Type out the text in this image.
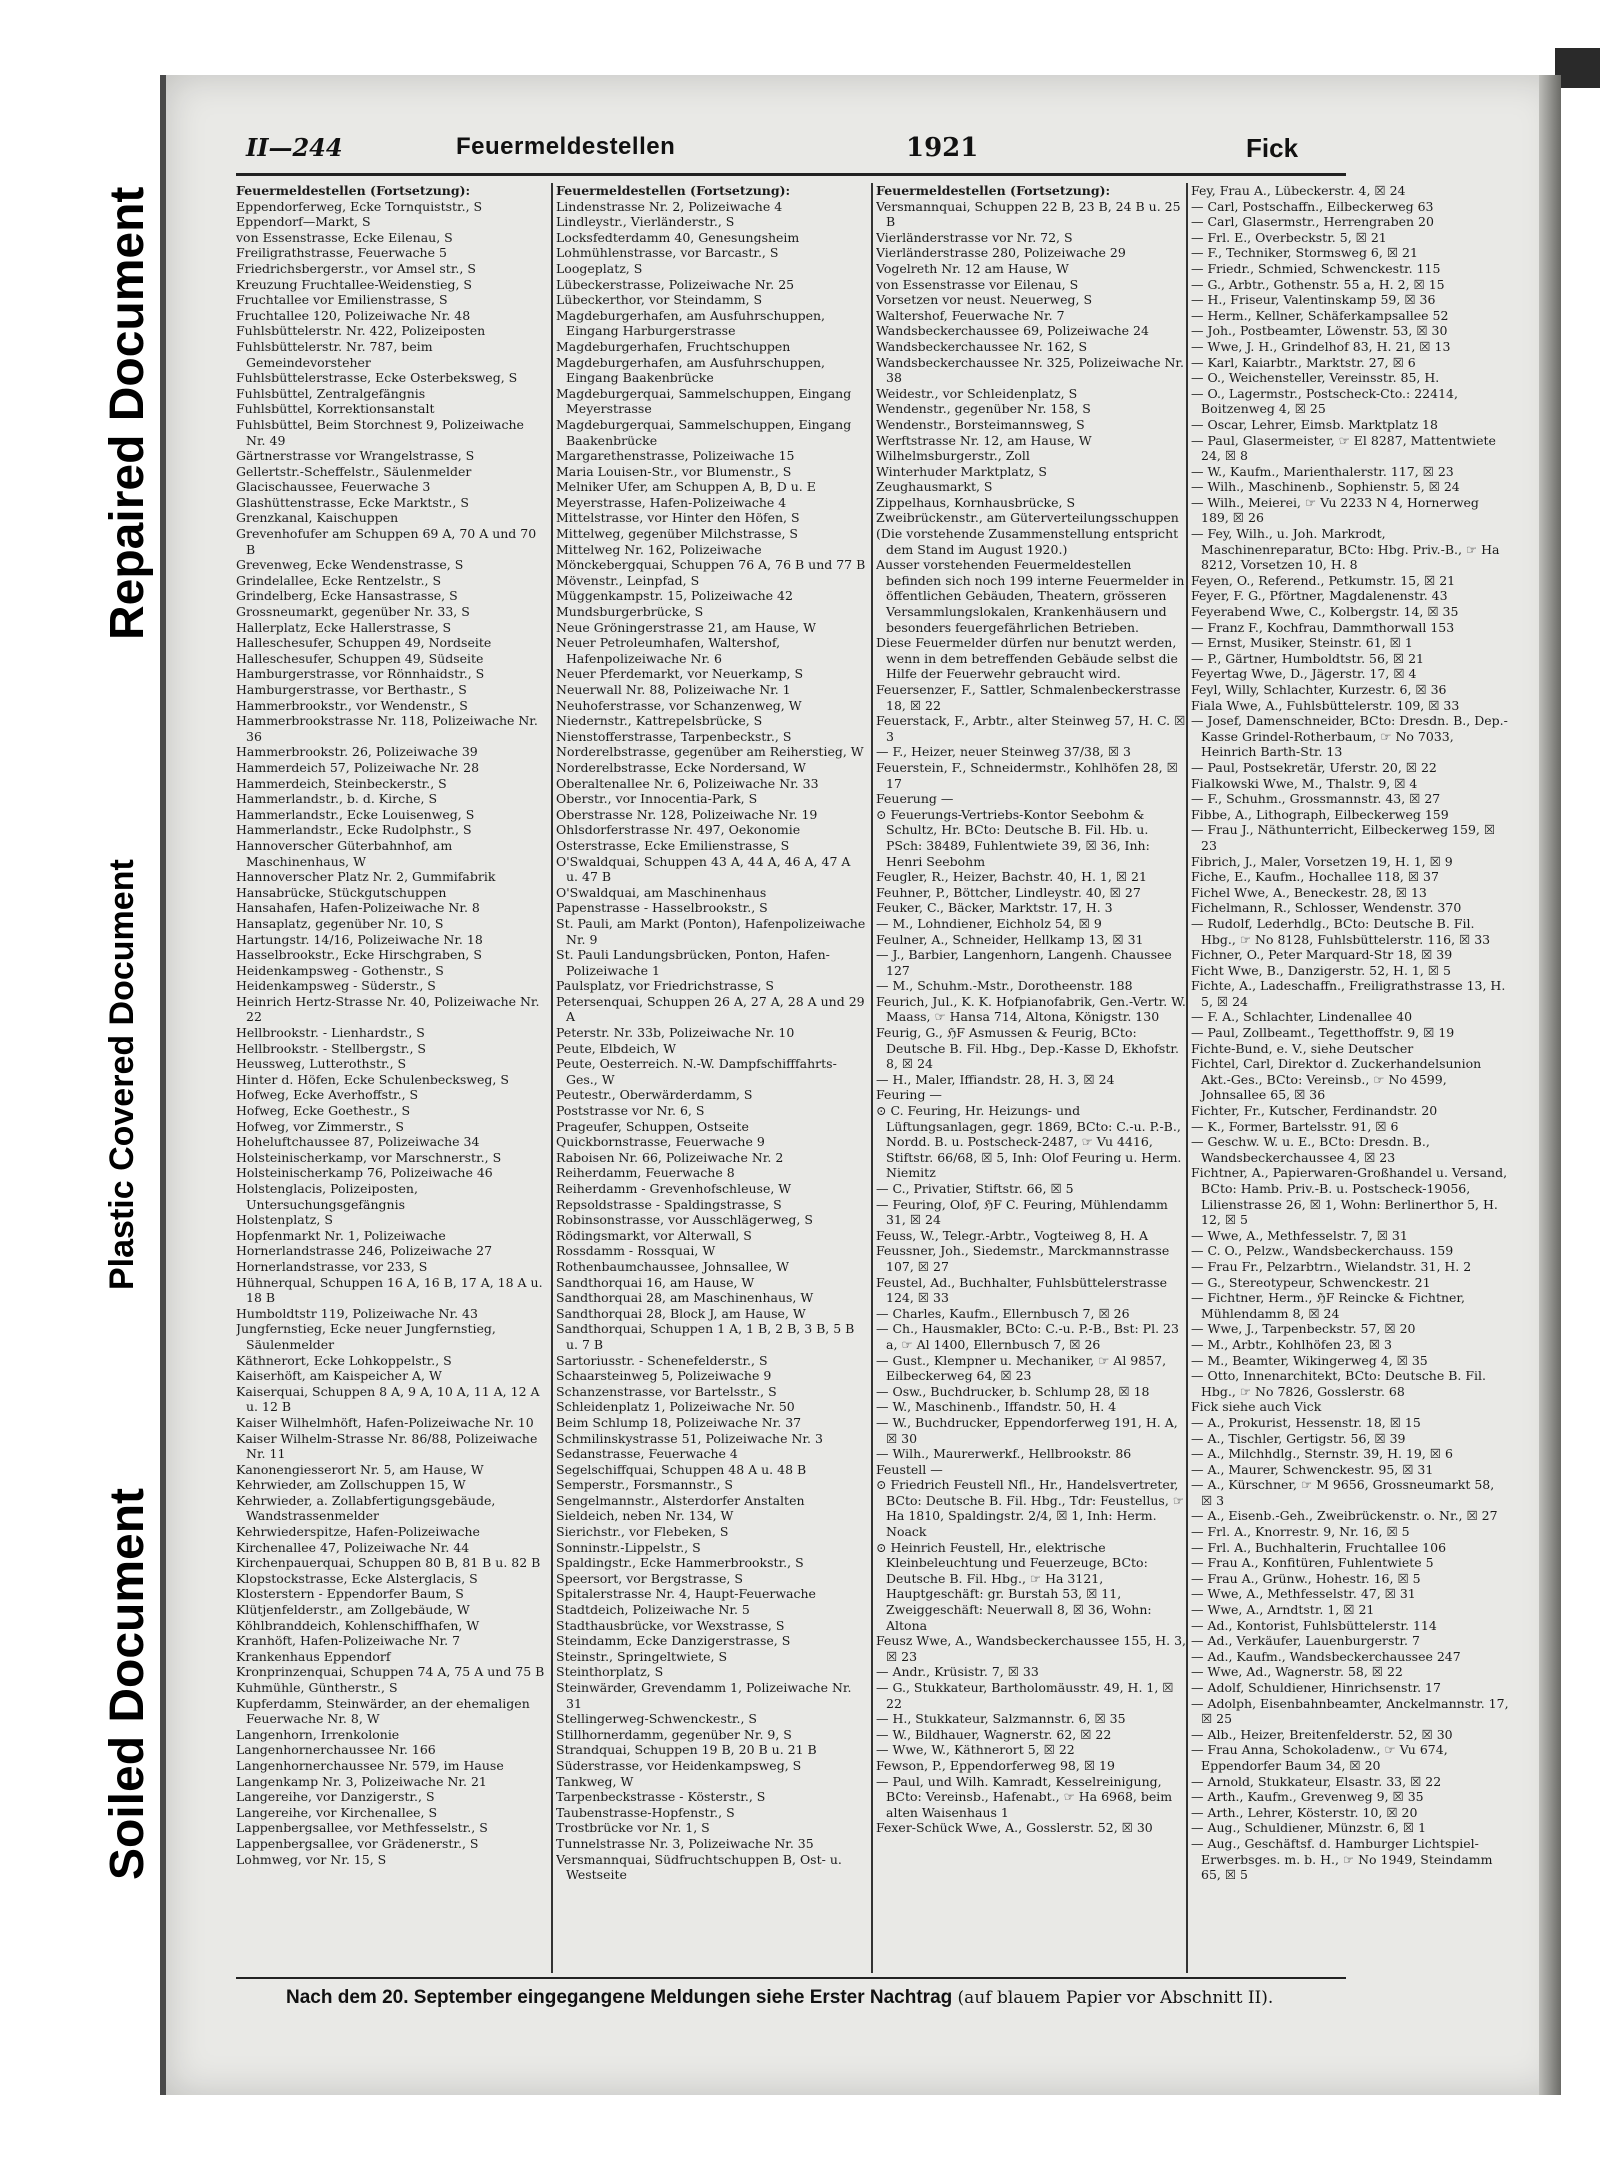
Repaired Document
Plastic Covered Document
Soiled Document
II—244	Feuermeldestellen	1921	Fick

Feuermeldestellen (Fortsetzung):

Eppendorferweg, Ecke Tornquiststr., S

Eppendorf—Markt, S

von Essenstrasse, Ecke Eilenau, S

Freiligrathstrasse, Feuerwache 5

Friedrichsbergerstr., vor Amsel str., S

Kreuzung Fruchtallee-Weidenstieg, S

Fruchtallee vor Emilienstrasse, S

Fruchtallee 120, Polizeiwache Nr. 48

Fuhlsbüttelerstr. Nr. 422, Polizeiposten

Fuhlsbüttelerstr. Nr. 787, beim Gemeindevorsteher

Fuhlsbüttelerstrasse, Ecke Osterbeksweg, S

Fuhlsbüttel, Zentralgefängnis

Fuhlsbüttel, Korrektionsanstalt

Fuhlsbüttel, Beim Storchnest 9, Polizeiwache Nr. 49

Gärtnerstrasse vor Wrangelstrasse, S

Gellertstr.-Scheffelstr., Säulenmelder

Glacischaussee, Feuerwache 3

Glashüttenstrasse, Ecke Marktstr., S

Grenzkanal, Kaischuppen

Grevenhofufer am Schuppen 69 A, 70 A und 70 B

Grevenweg, Ecke Wendenstrasse, S

Grindelallee, Ecke Rentzelstr., S

Grindelberg, Ecke Hansastrasse, S

Grossneumarkt, gegenüber Nr. 33, S

Hallerplatz, Ecke Hallerstrasse, S

Halleschesufer, Schuppen 49, Nordseite

Halleschesufer, Schuppen 49, Südseite

Hamburgerstrasse, vor Rönnhaidstr., S

Hamburgerstrasse, vor Berthastr., S

Hammerbrookstr., vor Wendenstr., S

Hammerbrookstrasse Nr. 118, Polizeiwache Nr. 36

Hammerbrookstr. 26, Polizeiwache 39

Hammerdeich 57, Polizeiwache Nr. 28

Hammerdeich, Steinbeckerstr., S

Hammerlandstr., b. d. Kirche, S

Hammerlandstr., Ecke Louisenweg, S

Hammerlandstr., Ecke Rudolphstr., S

Hannoverscher Güterbahnhof, am Maschinenhaus, W

Hannoverscher Platz Nr. 2, Gummifabrik

Hansabrücke, Stückgutschuppen

Hansahafen, Hafen-Polizeiwache Nr. 8

Hansaplatz, gegenüber Nr. 10, S

Hartungstr. 14/16, Polizeiwache Nr. 18

Hasselbrookstr., Ecke Hirschgraben, S

Heidenkampsweg - Gothenstr., S

Heidenkampsweg - Süderstr., S

Heinrich Hertz-Strasse Nr. 40, Polizeiwache Nr. 22

Hellbrookstr. - Lienhardstr., S

Hellbrookstr. - Stellbergstr., S

Heussweg, Lutterothstr., S

Hinter d. Höfen, Ecke Schulenbecksweg, S

Hofweg, Ecke Averhoffstr., S

Hofweg, Ecke Goethestr., S

Hofweg, vor Zimmerstr., S

Hoheluftchaussee 87, Polizeiwache 34

Holsteinischerkamp, vor Marschnerstr., S

Holsteinischerkamp 76, Polizeiwache 46

Holstenglacis, Polizeiposten, Untersuchungsgefängnis

Holstenplatz, S

Hopfenmarkt Nr. 1, Polizeiwache

Hornerlandstrasse 246, Polizeiwache 27

Hornerlandstrasse, vor 233, S

Hühnerqual, Schuppen 16 A, 16 B, 17 A, 18 A u. 18 B

Humboldtstr 119, Polizeiwache Nr. 43

Jungfernstieg, Ecke neuer Jungfernstieg, Säulenmelder

Käthnerort, Ecke Lohkoppelstr., S

Kaiserhöft, am Kaispeicher A, W

Kaiserquai, Schuppen 8 A, 9 A, 10 A, 11 A, 12 A u. 12 B

Kaiser Wilhelmhöft, Hafen-Polizeiwache Nr. 10

Kaiser Wilhelm-Strasse Nr. 86/88, Polizeiwache Nr. 11

Kanonengiesserort Nr. 5, am Hause, W

Kehrwieder, am Zollschuppen 15, W

Kehrwieder, a. Zollabfertigungsgebäude, Wandstrassenmelder

Kehrwiederspitze, Hafen-Polizeiwache

Kirchenallee 47, Polizeiwache Nr. 44

Kirchenpauerquai, Schuppen 80 B, 81 B u. 82 B

Klopstockstrasse, Ecke Alsterglacis, S

Klosterstern - Eppendorfer Baum, S

Klütjenfelderstr., am Zollgebäude, W

Köhlbranddeich, Kohlenschiffhafen, W

Kranhöft, Hafen-Polizeiwache Nr. 7

Krankenhaus Eppendorf

Kronprinzenquai, Schuppen 74 A, 75 A und 75 B

Kuhmühle, Güntherstr., S

Kupferdamm, Steinwärder, an der ehemaligen Feuerwache Nr. 8, W

Langenhorn, Irrenkolonie

Langenhornerchaussee Nr. 166

Langenhornerchaussee Nr. 579, im Hause

Langenkamp Nr. 3, Polizeiwache Nr. 21

Langereihe, vor Danzigerstr., S

Langereihe, vor Kirchenallee, S

Lappenbergsallee, vor Methfesselstr., S

Lappenbergsallee, vor Grädenerstr., S

Lohmweg, vor Nr. 15, S

Feuermeldestellen (Fortsetzung):

Lindenstrasse Nr. 2, Polizeiwache 4

Lindleystr., Vierländerstr., S

Locksfedterdamm 40, Genesungsheim

Lohmühlenstrasse, vor Barcastr., S

Loogeplatz, S

Lübeckerstrasse, Polizeiwache Nr. 25

Lübeckerthor, vor Steindamm, S

Magdeburgerhafen, am Ausfuhrschuppen, Eingang Harburgerstrasse

Magdeburgerhafen, Fruchtschuppen

Magdeburgerhafen, am Ausfuhrschuppen, Eingang Baakenbrücke

Magdeburgerquai, Sammelschuppen, Eingang Meyerstrasse

Magdeburgerquai, Sammelschuppen, Eingang Baakenbrücke

Margarethenstrasse, Polizeiwache 15

Maria Louisen-Str., vor Blumenstr., S

Melniker Ufer, am Schuppen A, B, D u. E

Meyerstrasse, Hafen-Polizeiwache 4

Mittelstrasse, vor Hinter den Höfen, S

Mittelweg, gegenüber Milchstrasse, S

Mittelweg Nr. 162, Polizeiwache

Mönckebergquai, Schuppen 76 A, 76 B und 77 B

Mövenstr., Leinpfad, S

Müggenkampstr. 15, Polizeiwache 42

Mundsburgerbrücke, S

Neue Gröningerstrasse 21, am Hause, W

Neuer Petroleumhafen, Waltershof, Hafenpolizeiwache Nr. 6

Neuer Pferdemarkt, vor Neuerkamp, S

Neuerwall Nr. 88, Polizeiwache Nr. 1

Neuhoferstrasse, vor Schanzenweg, W

Niedernstr., Kattrepelsbrücke, S

Nienstofferstrasse, Tarpenbeckstr., S

Norderelbstrasse, gegenüber am Reiherstieg, W

Norderelbstrasse, Ecke Nordersand, W

Oberaltenallee Nr. 6, Polizeiwache Nr. 33

Oberstr., vor Innocentia-Park, S

Oberstrasse Nr. 128, Polizeiwache Nr. 19

Ohlsdorferstrasse Nr. 497, Oekonomie

Osterstrasse, Ecke Emilienstrasse, S

O'Swaldquai, Schuppen 43 A, 44 A, 46 A, 47 A u. 47 B

O'Swaldquai, am Maschinenhaus

Papenstrasse - Hasselbrookstr., S

St. Pauli, am Markt (Ponton), Hafenpolizeiwache Nr. 9

St. Pauli Landungsbrücken, Ponton, Hafen-Polizeiwache 1

Paulsplatz, vor Friedrichstrasse, S

Petersenquai, Schuppen 26 A, 27 A, 28 A und 29 A

Peterstr. Nr. 33b, Polizeiwache Nr. 10

Peute, Elbdeich, W

Peute, Oesterreich. N.-W. Dampfschifffahrts-Ges., W

Peutestr., Oberwärderdamm, S

Poststrasse vor Nr. 6, S

Prageufer, Schuppen, Ostseite

Quickbornstrasse, Feuerwache 9

Raboisen Nr. 66, Polizeiwache Nr. 2

Reiherdamm, Feuerwache 8

Reiherdamm - Grevenhofschleuse, W

Repsoldstrasse - Spaldingstrasse, S

Robinsonstrasse, vor Ausschlägerweg, S

Rödingsmarkt, vor Alterwall, S

Rossdamm - Rossquai, W

Rothenbaumchaussee, Johnsallee, W

Sandthorquai 16, am Hause, W

Sandthorquai 28, am Maschinenhaus, W

Sandthorquai 28, Block J, am Hause, W

Sandthorquai, Schuppen 1 A, 1 B, 2 B, 3 B, 5 B u. 7 B

Sartoriusstr. - Schenefelderstr., S

Schaarsteinweg 5, Polizeiwache 9

Schanzenstrasse, vor Bartelsstr., S

Schleidenplatz 1, Polizeiwache Nr. 50

Beim Schlump 18, Polizeiwache Nr. 37

Schmilinskystrasse 51, Polizeiwache Nr. 3

Sedanstrasse, Feuerwache 4

Segelschiffquai, Schuppen 48 A u. 48 B

Semperstr., Forsmannstr., S

Sengelmannstr., Alsterdorfer Anstalten

Sieldeich, neben Nr. 134, W

Sierichstr., vor Flebeken, S

Sonninstr.-Lippelstr., S

Spaldingstr., Ecke Hammerbrookstr., S

Speersort, vor Bergstrasse, S

Spitalerstrasse Nr. 4, Haupt-Feuerwache

Stadtdeich, Polizeiwache Nr. 5

Stadthausbrücke, vor Wexstrasse, S

Steindamm, Ecke Danzigerstrasse, S

Steinstr., Springeltwiete, S

Steinthorplatz, S

Steinwärder, Grevendamm 1, Polizeiwache Nr. 31

Stellingerweg-Schwenckestr., S

Stillhornerdamm, gegenüber Nr. 9, S

Strandquai, Schuppen 19 B, 20 B u. 21 B

Süderstrasse, vor Heidenkampsweg, S

Tankweg, W

Tarpenbeckstrasse - Kösterstr., S

Taubenstrasse-Hopfenstr., S

Trostbrücke vor Nr. 1, S

Tunnelstrasse Nr. 3, Polizeiwache Nr. 35

Versmannquai, Südfruchtschuppen B, Ost- u. Westseite

Feuermeldestellen (Fortsetzung):

Versmannquai, Schuppen 22 B, 23 B, 24 B u. 25 B

Vierländerstrasse vor Nr. 72, S

Vierländerstrasse 280, Polizeiwache 29

Vogelreth Nr. 12 am Hause, W

von Essenstrasse vor Eilenau, S

Vorsetzen vor neust. Neuerweg, S

Waltershof, Feuerwache Nr. 7

Wandsbeckerchaussee 69, Polizeiwache 24

Wandsbeckerchaussee Nr. 162, S

Wandsbeckerchaussee Nr. 325, Polizeiwache Nr. 38

Weidestr., vor Schleidenplatz, S

Wendenstr., gegenüber Nr. 158, S

Wendenstr., Borsteimannsweg, S

Werftstrasse Nr. 12, am Hause, W

Wilhelmsburgerstr., Zoll

Winterhuder Marktplatz, S

Zeughausmarkt, S

Zippelhaus, Kornhausbrücke, S

Zweibrückenstr., am Güterverteilungsschuppen

(Die vorstehende Zusammenstellung entspricht dem Stand im August 1920.)

Ausser vorstehenden Feuermeldestellen befinden sich noch 199 interne Feuermelder in öffentlichen Gebäuden, Theatern, grösseren Versammlungslokalen, Krankenhäusern und besonders feuergefährlichen Betrieben.

Diese Feuermelder dürfen nur benutzt werden, wenn in dem betreffenden Gebäude selbst die Hilfe der Feuerwehr gebraucht wird.

Feuersenzer, F., Sattler, Schmalenbeckerstrasse 18, ☒ 22

Feuerstack, F., Arbtr., alter Steinweg 57, H. C. ☒ 3

— F., Heizer, neuer Steinweg 37/38, ☒ 3

Feuerstein, F., Schneidermstr., Kohlhöfen 28, ☒ 17

Feuerung —

⊙ Feuerungs-Vertriebs-Kontor Seebohm & Schultz, Hr. BCto: Deutsche B. Fil. Hb. u. PSch: 38489, Fuhlentwiete 39, ☒ 36, Inh: Henri Seebohm

Feugler, R., Heizer, Bachstr. 40, H. 1, ☒ 21

Feuhner, P., Böttcher, Lindleystr. 40, ☒ 27

Feuker, C., Bäcker, Marktstr. 17, H. 3

— M., Lohndiener, Eichholz 54, ☒ 9

Feulner, A., Schneider, Hellkamp 13, ☒ 31

— J., Barbier, Langenhorn, Langenh. Chaussee 127

— M., Schuhm.-Mstr., Dorotheenstr. 188

Feurich, Jul., K. K. Hofpianofabrik, Gen.-Vertr. W. Maass, ☞ Hansa 714, Altona, Königstr. 130

Feurig, G., ℌF Asmussen & Feurig, BCto: Deutsche B. Fil. Hbg., Dep.-Kasse D, Ekhofstr. 8, ☒ 24

— H., Maler, Iffiandstr. 28, H. 3, ☒ 24

Feuring —

⊙ C. Feuring, Hr. Heizungs- und Lüftungsanlagen, gegr. 1869, BCto: C.-u. P.-B., Nordd. B. u. Postscheck-2487, ☞ Vu 4416, Stiftstr. 66/68, ☒ 5, Inh: Olof Feuring u. Herm. Niemitz

— C., Privatier, Stiftstr. 66, ☒ 5

— Feuring, Olof, ℌF C. Feuring, Mühlendamm 31, ☒ 24

Feuss, W., Telegr.-Arbtr., Vogteiweg 8, H. A

Feussner, Joh., Siedemstr., Marckmannstrasse 107, ☒ 27

Feustel, Ad., Buchhalter, Fuhlsbüttelerstrasse 124, ☒ 33

— Charles, Kaufm., Ellernbusch 7, ☒ 26

— Ch., Hausmakler, BCto: C.-u. P.-B., Bst: Pl. 23 a, ☞ Al 1400, Ellernbusch 7, ☒ 26

— Gust., Klempner u. Mechaniker, ☞ Al 9857, Eilbeckerweg 64, ☒ 23

— Osw., Buchdrucker, b. Schlump 28, ☒ 18

— W., Maschinenb., Iffandstr. 50, H. 4

— W., Buchdrucker, Eppendorferweg 191, H. A, ☒ 30

— Wilh., Maurerwerkf., Hellbrookstr. 86

Feustell —

⊙ Friedrich Feustell Nfl., Hr., Handelsvertreter, BCto: Deutsche B. Fil. Hbg., Tdr: Feustellus, ☞ Ha 1810, Spaldingstr. 2/4, ☒ 1, Inh: Herm. Noack

⊙ Heinrich Feustell, Hr., elektrische Kleinbeleuchtung und Feuerzeuge, BCto: Deutsche B. Fil. Hbg., ☞ Ha 3121, Hauptgeschäft: gr. Burstah 53, ☒ 11, Zweiggeschäft: Neuerwall 8, ☒ 36, Wohn: Altona

Feusz Wwe, A., Wandsbeckerchaussee 155, H. 3, ☒ 23

— Andr., Krüsistr. 7, ☒ 33

— G., Stukkateur, Bartholomäusstr. 49, H. 1, ☒ 22

— H., Stukkateur, Salzmannstr. 6, ☒ 35

— W., Bildhauer, Wagnerstr. 62, ☒ 22

— Wwe, W., Käthnerort 5, ☒ 22

Fewson, P., Eppendorferweg 98, ☒ 19

— Paul, und Wilh. Kamradt, Kesselreinigung, BCto: Vereinsb., Hafenabt., ☞ Ha 6968, beim alten Waisenhaus 1

Fexer-Schück Wwe, A., Gosslerstr. 52, ☒ 30

Fey, Frau A., Lübeckerstr. 4, ☒ 24

— Carl, Postschaffn., Eilbeckerweg 63

— Carl, Glasermstr., Herrengraben 20

— Frl. E., Overbeckstr. 5, ☒ 21

— F., Techniker, Stormsweg 6, ☒ 21

— Friedr., Schmied, Schwenckestr. 115

— G., Arbtr., Gothenstr. 55 a, H. 2, ☒ 15

— H., Friseur, Valentinskamp 59, ☒ 36

— Herm., Kellner, Schäferkampsallee 52

— Joh., Postbeamter, Löwenstr. 53, ☒ 30

— Wwe, J. H., Grindelhof 83, H. 21, ☒ 13

— Karl, Kaiarbtr., Marktstr. 27, ☒ 6

— O., Weichensteller, Vereinsstr. 85, H.

— O., Lagermstr., Postscheck-Cto.: 22414, Boitzenweg 4, ☒ 25

— Oscar, Lehrer, Eimsb. Marktplatz 18

— Paul, Glasermeister, ☞ El 8287, Mattentwiete 24, ☒ 8

— W., Kaufm., Marienthalerstr. 117, ☒ 23

— Wilh., Maschinenb., Sophienstr. 5, ☒ 24

— Wilh., Meierei, ☞ Vu 2233 N 4, Hornerweg 189, ☒ 26

— Fey, Wilh., u. Joh. Markrodt, Maschinenreparatur, BCto: Hbg. Priv.-B., ☞ Ha 8212, Vorsetzen 10, H. 8

Feyen, O., Referend., Petkumstr. 15, ☒ 21

Feyer, F. G., Pförtner, Magdalenenstr. 43

Feyerabend Wwe, C., Kolbergstr. 14, ☒ 35

— Franz F., Kochfrau, Dammthorwall 153

— Ernst, Musiker, Steinstr. 61, ☒ 1

— P., Gärtner, Humboldtstr. 56, ☒ 21

Feyertag Wwe, D., Jägerstr. 17, ☒ 4

Feyl, Willy, Schlachter, Kurzestr. 6, ☒ 36

Fiala Wwe, A., Fuhlsbüttelerstr. 109, ☒ 33

— Josef, Damenschneider, BCto: Dresdn. B., Dep.-Kasse Grindel-Rotherbaum, ☞ No 7033, Heinrich Barth-Str. 13

— Paul, Postsekretär, Uferstr. 20, ☒ 22

Fialkowski Wwe, M., Thalstr. 9, ☒ 4

— F., Schuhm., Grossmannstr. 43, ☒ 27

Fibbe, A., Lithograph, Eilbeckerweg 159

— Frau J., Näthunterricht, Eilbeckerweg 159, ☒ 23

Fibrich, J., Maler, Vorsetzen 19, H. 1, ☒ 9

Fiche, E., Kaufm., Hochallee 118, ☒ 37

Fichel Wwe, A., Beneckestr. 28, ☒ 13

Fichelmann, R., Schlosser, Wendenstr. 370

— Rudolf, Lederhdlg., BCto: Deutsche B. Fil. Hbg., ☞ No 8128, Fuhlsbüttelerstr. 116, ☒ 33

Fichner, O., Peter Marquard-Str 18, ☒ 39

Ficht Wwe, B., Danzigerstr. 52, H. 1, ☒ 5

Fichte, A., Ladeschaffn., Freiligrathstrasse 13, H. 5, ☒ 24

— F. A., Schlachter, Lindenallee 40

— Paul, Zollbeamt., Tegetthoffstr. 9, ☒ 19

Fichte-Bund, e. V., siehe Deutscher

Fichtel, Carl, Direktor d. Zuckerhandelsunion Akt.-Ges., BCto: Vereinsb., ☞ No 4599, Johnsallee 65, ☒ 36

Fichter, Fr., Kutscher, Ferdinandstr. 20

— K., Former, Bartelsstr. 91, ☒ 6

— Geschw. W. u. E., BCto: Dresdn. B., Wandsbeckerchaussee 4, ☒ 23

Fichtner, A., Papierwaren-Großhandel u. Versand, BCto: Hamb. Priv.-B. u. Postscheck-19056, Lilienstrasse 26, ☒ 1, Wohn: Berlinerthor 5, H. 12, ☒ 5

— Wwe, A., Methfesselstr. 7, ☒ 31

— C. O., Pelzw., Wandsbeckerchauss. 159

— Frau Fr., Pelzarbtrn., Wielandstr. 31, H. 2

— G., Stereotypeur, Schwenckestr. 21

— Fichtner, Herm., ℌF Reincke & Fichtner, Mühlendamm 8, ☒ 24

— Wwe, J., Tarpenbeckstr. 57, ☒ 20

— M., Arbtr., Kohlhöfen 23, ☒ 3

— M., Beamter, Wikingerweg 4, ☒ 35

— Otto, Innenarchitekt, BCto: Deutsche B. Fil. Hbg., ☞ No 7826, Gosslerstr. 68

Fick siehe auch Vick

— A., Prokurist, Hessenstr. 18, ☒ 15

— A., Tischler, Gertigstr. 56, ☒ 39

— A., Milchhdlg., Sternstr. 39, H. 19, ☒ 6

— A., Maurer, Schwenckestr. 95, ☒ 31

— A., Kürschner, ☞ M 9656, Grossneumarkt 58, ☒ 3

— A., Eisenb.-Geh., Zweibrückenstr. o. Nr., ☒ 27

— Frl. A., Knorrestr. 9, Nr. 16, ☒ 5

— Frl. A., Buchhalterin, Fruchtallee 106

— Frau A., Konfitüren, Fuhlentwiete 5

— Frau A., Grünw., Hohestr. 16, ☒ 5

— Wwe, A., Methfesselstr. 47, ☒ 31

— Wwe, A., Arndtstr. 1, ☒ 21

— Ad., Kontorist, Fuhlsbüttelerstr. 114

— Ad., Verkäufer, Lauenburgerstr. 7

— Ad., Kaufm., Wandsbeckerchaussee 247

— Wwe, Ad., Wagnerstr. 58, ☒ 22

— Adolf, Schuldiener, Hinrichsenstr. 17

— Adolph, Eisenbahnbeamter, Anckelmannstr. 17, ☒ 25

— Alb., Heizer, Breitenfelderstr. 52, ☒ 30

— Frau Anna, Schokoladenw., ☞ Vu 674, Eppendorfer Baum 34, ☒ 20

— Arnold, Stukkateur, Elsastr. 33, ☒ 22

— Arth., Kaufm., Grevenweg 9, ☒ 35

— Arth., Lehrer, Kösterstr. 10, ☒ 20

— Aug., Schuldiener, Münzstr. 6, ☒ 1

— Aug., Geschäftsf. d. Hamburger Lichtspiel-Erwerbsges. m. b. H., ☞ No 1949, Steindamm 65, ☒ 5

Nach dem 20. September eingegangene Meldungen siehe Erster Nachtrag (auf blauem Papier vor Abschnitt II).
